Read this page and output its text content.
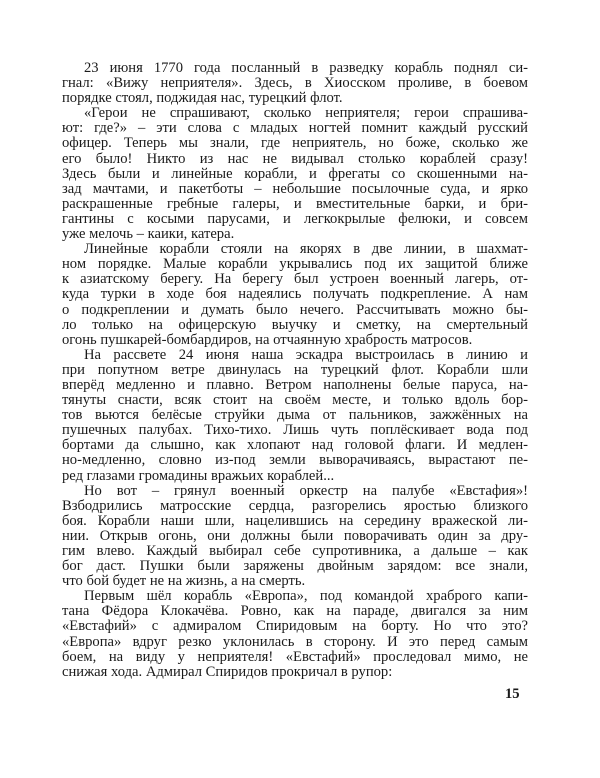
23 июня 1770 года посланный в разведку корабль поднял си-
гнал: «Вижу неприятеля». Здесь, в Хиосском проливе, в боевом
порядке стоял, поджидая нас, турецкий флот.
«Герои не спрашивают, сколько неприятеля; герои спрашива-
ют: где?» – эти слова с младых ногтей помнит каждый русский
офицер. Теперь мы знали, где неприятель, но боже, сколько же
его было! Никто из нас не видывал столько кораблей сразу!
Здесь были и линейные корабли, и фрегаты со скошенными на-
зад мачтами, и пакетботы – небольшие посылочные суда, и ярко
раскрашенные гребные галеры, и вместительные барки, и бри-
гантины с косыми парусами, и легкокрылые фелюки, и совсем
уже мелочь – каики, катера.
Линейные корабли стояли на якорях в две линии, в шахмат-
ном порядке. Малые корабли укрывались под их защитой ближе
к азиатскому берегу. На берегу был устроен военный лагерь, от-
куда турки в ходе боя надеялись получать подкрепление. А нам
о подкреплении и думать было нечего. Рассчитывать можно бы-
ло только на офицерскую выучку и сметку, на смертельный
огонь пушкарей-бомбардиров, на отчаянную храбрость матросов.
На рассвете 24 июня наша эскадра выстроилась в линию и
при попутном ветре двинулась на турецкий флот. Корабли шли
вперёд медленно и плавно. Ветром наполнены белые паруса, на-
тянуты снасти, всяк стоит на своём месте, и только вдоль бор-
тов вьются белёсые струйки дыма от пальников, зажжённых на
пушечных палубах. Тихо-тихо. Лишь чуть поплёскивает вода под
бортами да слышно, как хлопают над головой флаги. И медлен-
но-медленно, словно из-под земли выворачиваясь, вырастают пе-
ред глазами громадины вражьих кораблей...
Но вот – грянул военный оркестр на палубе «Евстафия»!
Взбодрились матросские сердца, разгорелись яростью близкого
боя. Корабли наши шли, нацелившись на середину вражеской ли-
нии. Открыв огонь, они должны были поворачивать один за дру-
гим влево. Каждый выбирал себе супротивника, а дальше – как
бог даст. Пушки были заряжены двойным зарядом: все знали,
что бой будет не на жизнь, а на смерть.
Первым шёл корабль «Европа», под командой храброго капи-
тана Фёдора Клокачёва. Ровно, как на параде, двигался за ним
«Евстафий» с адмиралом Спиридовым на борту. Но что это?
«Европа» вдруг резко уклонилась в сторону. И это перед самым
боем, на виду у неприятеля! «Евстафий» проследовал мимо, не
снижая хода. Адмирал Спиридов прокричал в рупор:
15
